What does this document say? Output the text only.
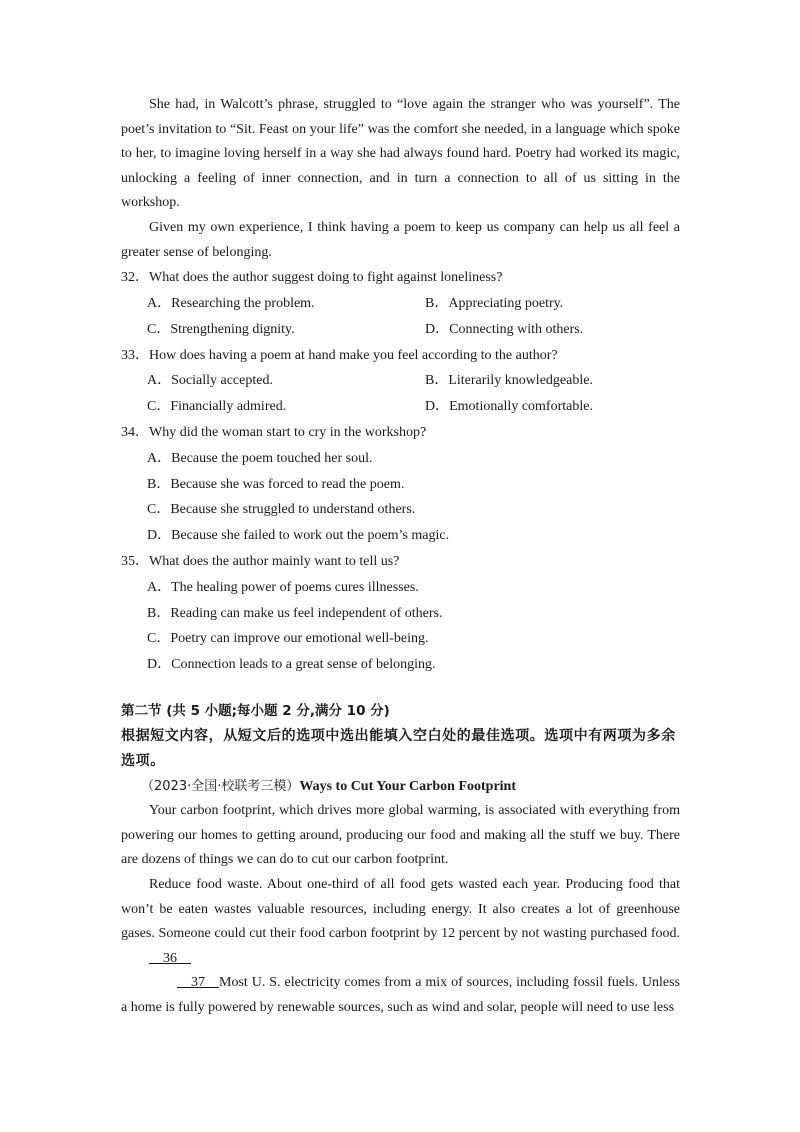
She had, in Walcott’s phrase, struggled to “love again the stranger who was yourself”. The poet’s invitation to “Sit. Feast on your life” was the comfort she needed, in a language which spoke to her, to imagine loving herself in a way she had always found hard. Poetry had worked its magic, unlocking a feeling of inner connection, and in turn a connection to all of us sitting in the workshop.

Given my own experience, I think having a poem to keep us company can help us all feel a greater sense of belonging.

32．What does the author suggest doing to fight against loneliness?

A．Researching the problem.	B．Appreciating poetry.
C．Strengthening dignity.	D．Connecting with others.

33．How does having a poem at hand make you feel according to the author?

A．Socially accepted.	B．Literarily knowledgeable.
C．Financially admired.	D．Emotionally comfortable.

34．Why did the woman start to cry in the workshop?

A．Because the poem touched her soul.
B．Because she was forced to read the poem.
C．Because she struggled to understand others.
D．Because she failed to work out the poem’s magic.

35．What does the author mainly want to tell us?

A．The healing power of poems cures illnesses.
B．Reading can make us feel independent of others.
C．Poetry can improve our emotional well-being.
D．Connection leads to a great sense of belonging.

第二节 (共 5 小题;每小题 2 分,满分 10 分)

根据短文内容，从短文后的选项中选出能填入空白处的最佳选项。选项中有两项为多余选项。

（2023·全国·校联考三模）Ways to Cut Your Carbon Footprint

Your carbon footprint, which drives more global warming, is associated with everything from powering our homes to getting around, producing our food and making all the stuff we buy. There are dozens of things we can do to cut our carbon footprint.

Reduce food waste. About one-third of all food gets wasted each year. Producing food that won’t be eaten wastes valuable resources, including energy. It also creates a lot of greenhouse gases. Someone could cut their food carbon footprint by 12 percent by not wasting purchased food.    36

37    Most U. S. electricity comes from a mix of sources, including fossil fuels. Unless a home is fully powered by renewable sources, such as wind and solar, people will need to use less
